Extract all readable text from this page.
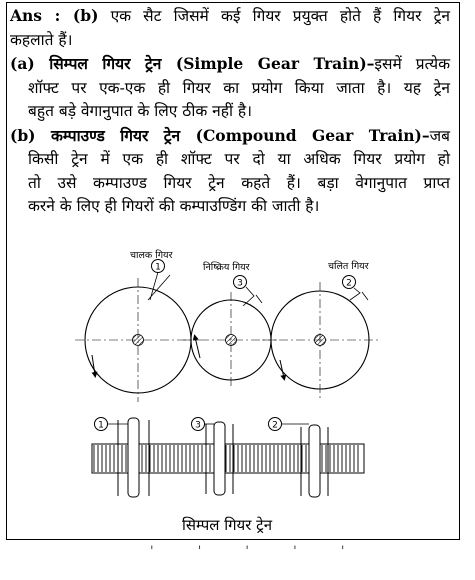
Ans : (b) एक सैट जिसमें कई गियर प्रयुक्त होते हैं गियर ट्रेन
कहलाते हैं।
(a) सिम्पल गियर ट्रेन (Simple Gear Train)–इसमें प्रत्येक
शॉफ्ट पर एक-एक ही गियर का प्रयोग किया जाता है। यह ट्रेन
बहुत बड़े वेगानुपात के लिए ठीक नहीं है।
(b) कम्पाउण्ड गियर ट्रेन (Compound Gear Train)–जब
किसी ट्रेन में एक ही शॉफ्ट पर दो या अधिक गियर प्रयोग हो
तो उसे कम्पाउण्ड गियर ट्रेन कहते हैं। बड़ा वेगानुपात प्राप्त
करने के लिए ही गियरों की कम्पाउण्डिंग की जाती है।
चालक गियर
निष्क्रिय गियर	चलित गियर
1
3	2
1	3	2
सिम्पल गियर ट्रेन
' ' ' ' '
